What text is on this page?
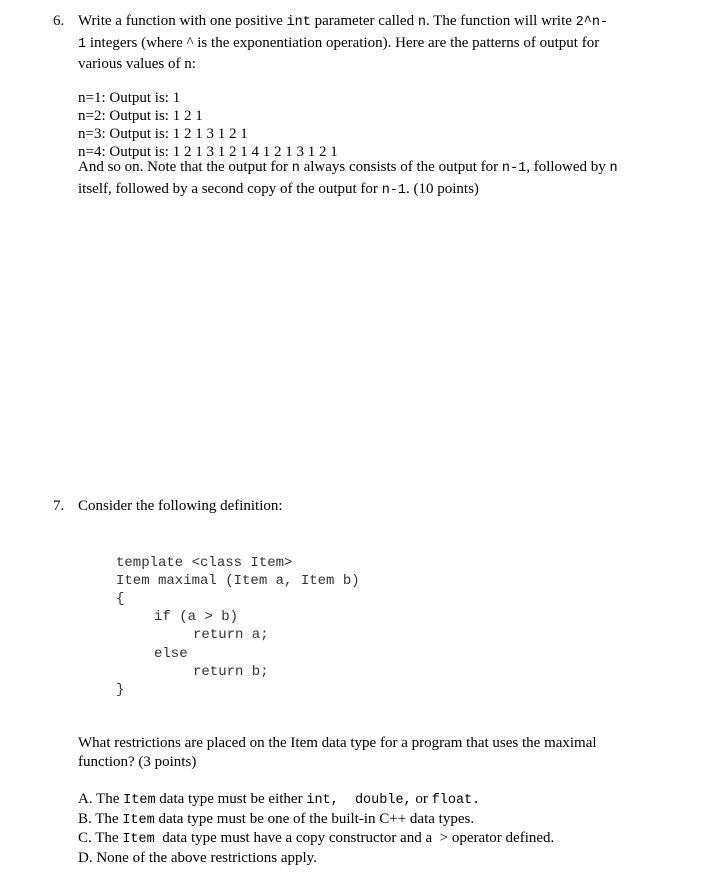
6. Write a function with one positive int parameter called n. The function will write 2^n-
1 integers (where ^ is the exponentiation operation). Here are the patterns of output for
various values of n:
n=1: Output is: 1
n=2: Output is: 1 2 1
n=3: Output is: 1 2 1 3 1 2 1
n=4: Output is: 1 2 1 3 1 2 1 4 1 2 1 3 1 2 1
And so on. Note that the output for n always consists of the output for n-1, followed by n
itself, followed by a second copy of the output for n-1. (10 points)
7. Consider the following definition:
template <class Item>
Item maximal (Item a, Item b)
{
if (a > b)
return a;
else
return b;
}
What restrictions are placed on the Item data type for a program that uses the maximal
function? (3 points)
A. The Item data type must be either int,  double, or float.
B. The Item data type must be one of the built-in C++ data types.
C. The Item  data type must have a copy constructor and a  > operator defined.
D. None of the above restrictions apply.
